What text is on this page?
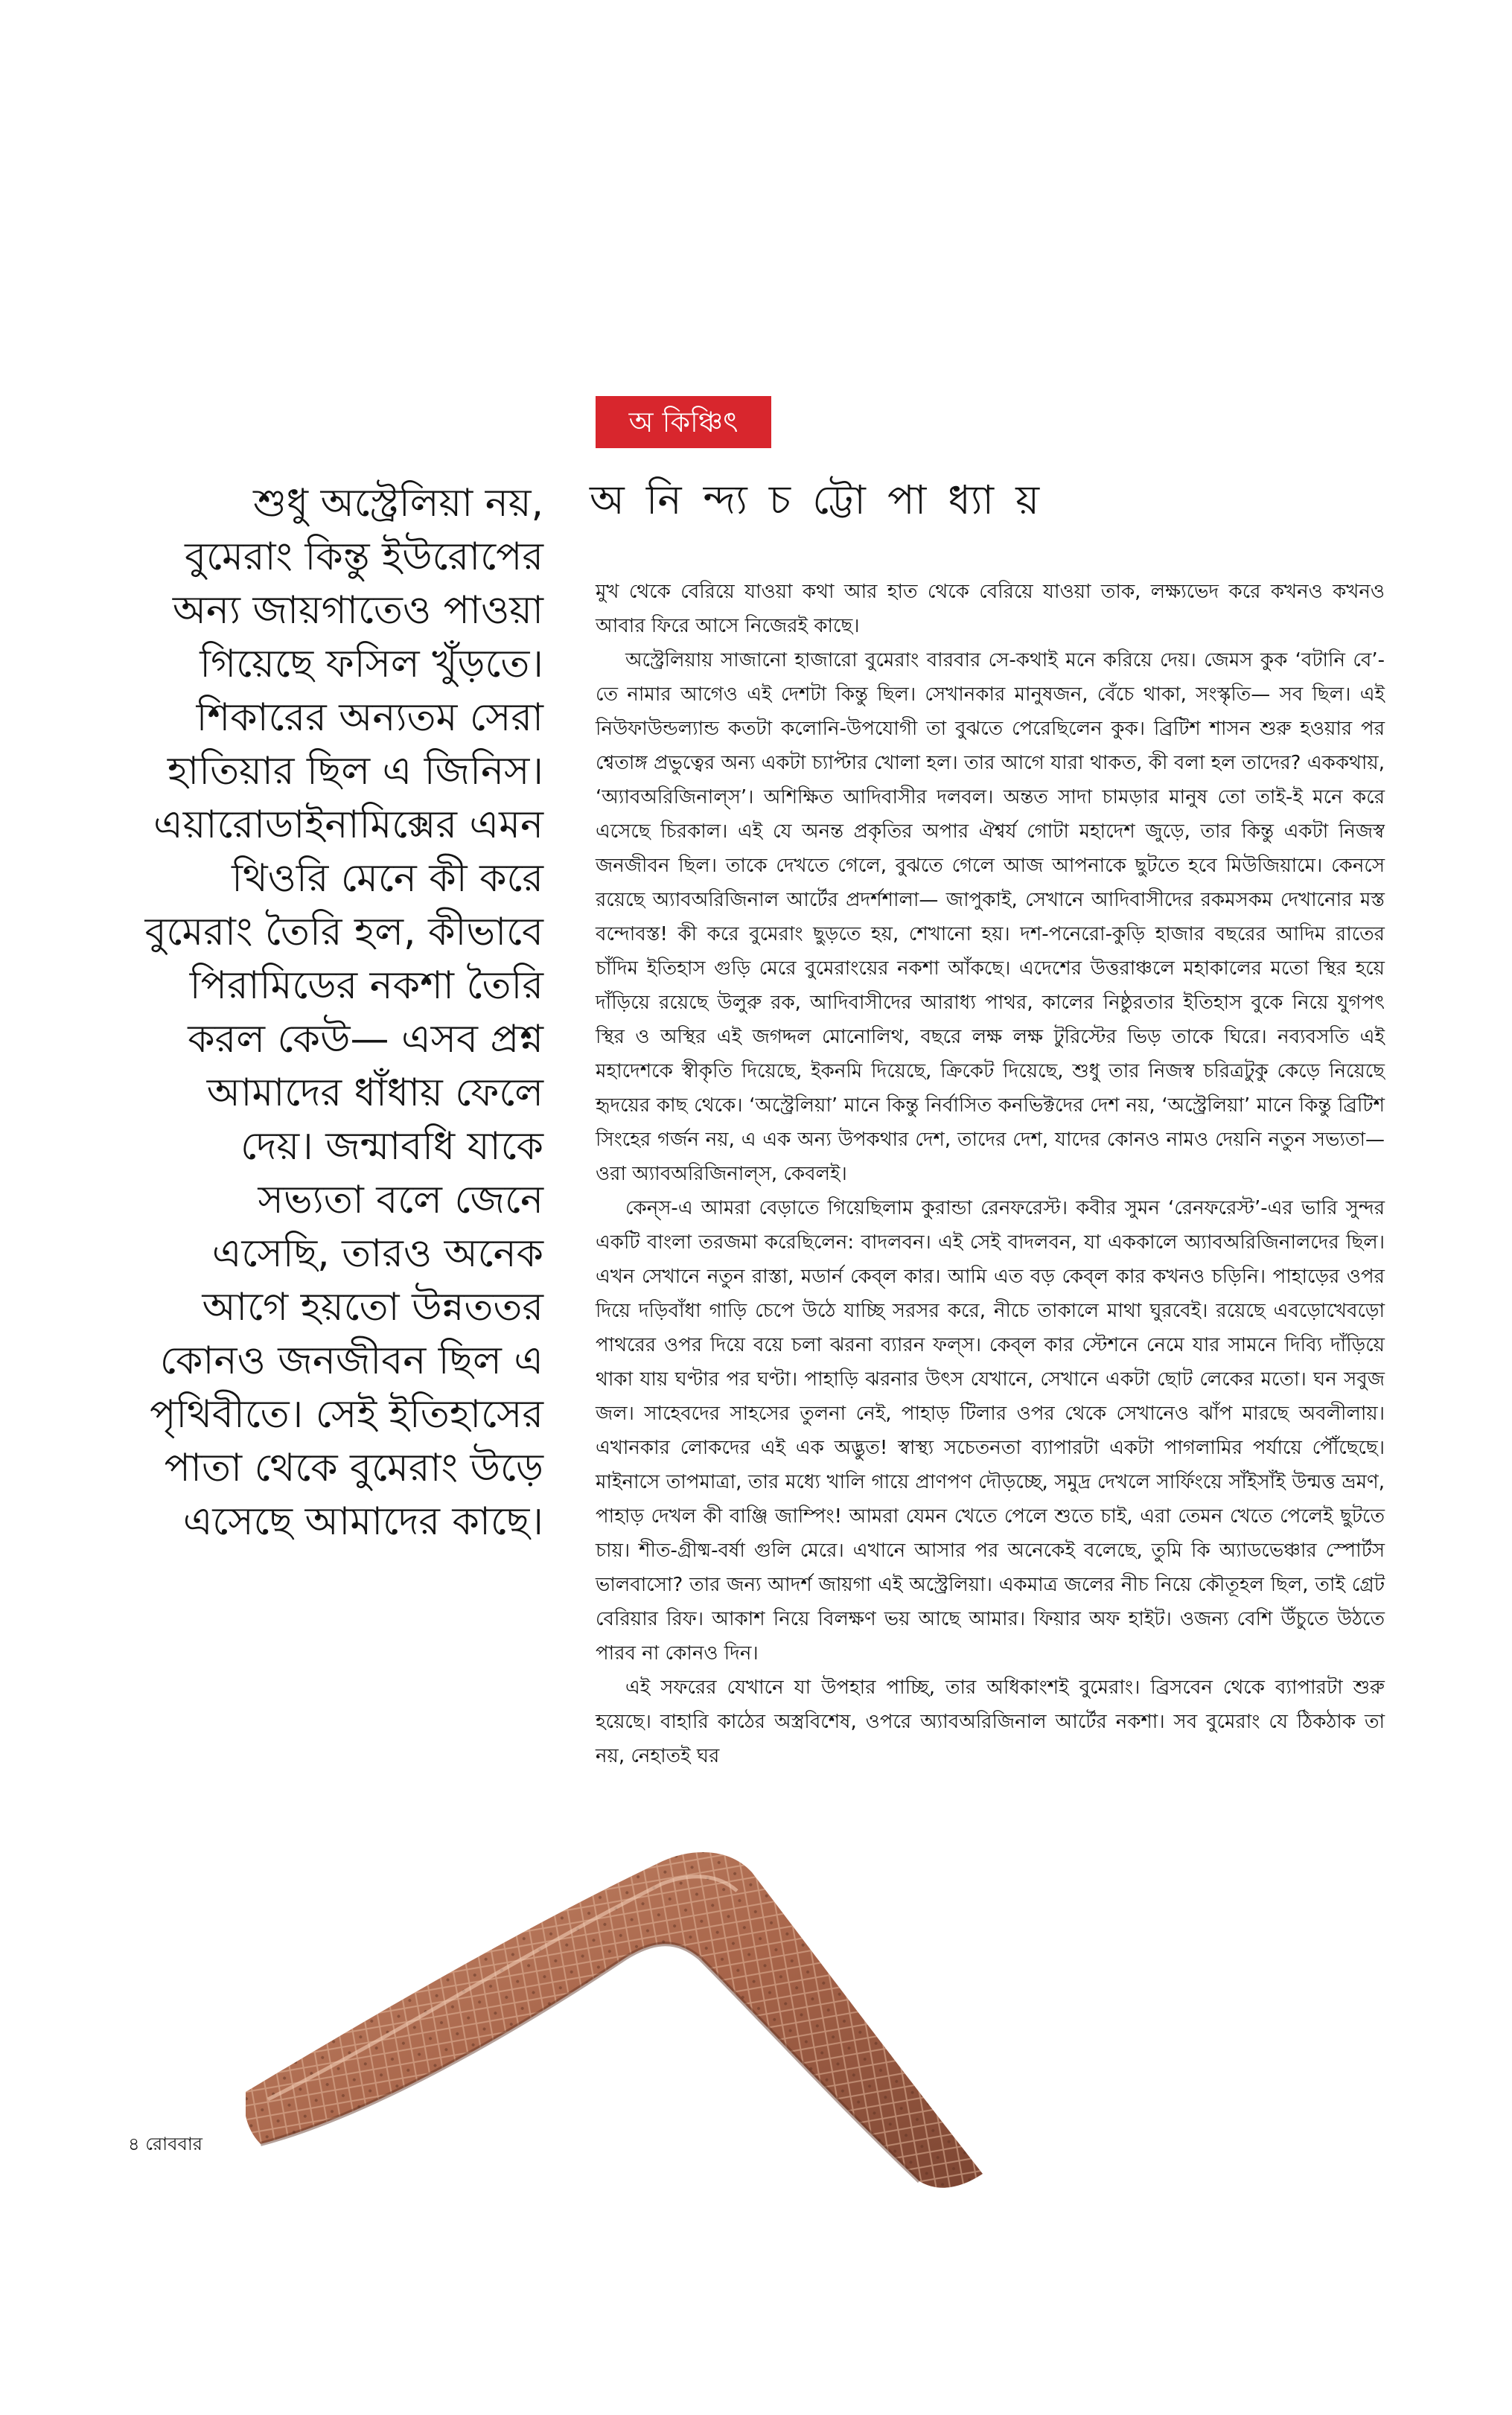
অ কিঞ্চিৎ
অ নি ন্দ্য চ ট্টো পা ধ্যা য়

শুধু অস্ট্রেলিয়া নয়, বুমেরাং কিন্তু ইউরোপের অন্য জায়গাতেও পাওয়া গিয়েছে ফসিল খুঁড়তে। শিকারের অন্যতম সেরা হাতিয়ার ছিল এ জিনিস। এয়ারোডাইনামিক্সের এমন থিওরি মেনে কী করে বুমেরাং তৈরি হল, কীভাবে পিরামিডের নকশা তৈরি করল কেউ— এসব প্রশ্ন আমাদের ধাঁধায় ফেলে দেয়। জন্মাবধি যাকে সভ্যতা বলে জেনে এসেছি, তারও অনেক আগে হয়তো উন্নততর কোনও জনজীবন ছিল এ পৃথিবীতে। সেই ইতিহাসের পাতা থেকে বুমেরাং উড়ে এসেছে আমাদের কাছে।

মুখ থেকে বেরিয়ে যাওয়া কথা আর হাত থেকে বেরিয়ে যাওয়া তাক, লক্ষ্যভেদ করে কখনও কখনও আবার ফিরে আসে নিজেরই কাছে।

অস্ট্রেলিয়ায় সাজানো হাজারো বুমেরাং বারবার সে-কথাই মনে করিয়ে দেয়। জেমস কুক ‘বটানি বে’-তে নামার আগেও এই দেশটা কিন্তু ছিল। সেখানকার মানুষজন, বেঁচে থাকা, সংস্কৃতি— সব ছিল। এই নিউফাউন্ডল্যান্ড কতটা কলোনি-উপযোগী তা বুঝতে পেরেছিলেন কুক। ব্রিটিশ শাসন শুরু হওয়ার পর শ্বেতাঙ্গ প্রভুত্বের অন্য একটা চ্যাপ্টার খোলা হল। তার আগে যারা থাকত, কী বলা হল তাদের? এককথায়, ‘অ্যাবঅরিজিনাল্‌স’। অশিক্ষিত আদিবাসীর দলবল। অন্তত সাদা চামড়ার মানুষ তো তাই-ই মনে করে এসেছে চিরকাল। এই যে অনন্ত প্রকৃতির অপার ঐশ্বর্য গোটা মহাদেশ জুড়ে, তার কিন্তু একটা নিজস্ব জনজীবন ছিল। তাকে দেখতে গেলে, বুঝতে গেলে আজ আপনাকে ছুটতে হবে মিউজিয়ামে। কেনসে রয়েছে অ্যাবঅরিজিনাল আর্টের প্রদর্শশালা— জাপুকাই, সেখানে আদিবাসীদের রকমসকম দেখানোর মস্ত বন্দোবস্ত! কী করে বুমেরাং ছুড়তে হয়, শেখানো হয়। দশ-পনেরো-কুড়ি হাজার বছরের আদিম রাতের চাঁদিম ইতিহাস গুড়ি মেরে বুমেরাংয়ের নকশা আঁকছে। এদেশের উত্তরাঞ্চলে মহাকালের মতো স্থির হয়ে দাঁড়িয়ে রয়েছে উলুরু রক, আদিবাসীদের আরাধ্য পাথর, কালের নিষ্ঠুরতার ইতিহাস বুকে নিয়ে যুগপৎ স্থির ও অস্থির এই জগদ্দল মোনোলিথ, বছরে লক্ষ লক্ষ টুরিস্টের ভিড় তাকে ঘিরে। নব্যবসতি এই মহাদেশকে স্বীকৃতি দিয়েছে, ইকনমি দিয়েছে, ক্রিকেট দিয়েছে, শুধু তার নিজস্ব চরিত্রটুকু কেড়ে নিয়েছে হৃদয়ের কাছ থেকে। ‘অস্ট্রেলিয়া’ মানে কিন্তু নির্বাসিত কনভিক্টদের দেশ নয়, ‘অস্ট্রেলিয়া’ মানে কিন্তু ব্রিটিশ সিংহের গর্জন নয়, এ এক অন্য উপকথার দেশ, তাদের দেশ, যাদের কোনও নামও দেয়নি নতুন সভ্যতা— ওরা অ্যাবঅরিজিনাল্‌স, কেবলই।

কেন্‌স-এ আমরা বেড়াতে গিয়েছিলাম কুরান্ডা রেনফরেস্ট। কবীর সুমন ‘রেনফরেস্ট’-এর ভারি সুন্দর একটি বাংলা তরজমা করেছিলেন: বাদলবন। এই সেই বাদলবন, যা এককালে অ্যাবঅরিজিনালদের ছিল। এখন সেখানে নতুন রাস্তা, মডার্ন কেব্‌ল কার। আমি এত বড় কেব্‌ল কার কখনও চড়িনি। পাহাড়ের ওপর দিয়ে দড়িবাঁধা গাড়ি চেপে উঠে যাচ্ছি সরসর করে, নীচে তাকালে মাথা ঘুরবেই। রয়েছে এবড়োখেবড়ো পাথরের ওপর দিয়ে বয়ে চলা ঝরনা ব্যারন ফল্‌স। কেব্‌ল কার স্টেশনে নেমে যার সামনে দিব্যি দাঁড়িয়ে থাকা যায় ঘণ্টার পর ঘণ্টা। পাহাড়ি ঝরনার উৎস যেখানে, সেখানে একটা ছোট লেকের মতো। ঘন সবুজ জল। সাহেবদের সাহসের তুলনা নেই, পাহাড় টিলার ওপর থেকে সেখানেও ঝাঁপ মারছে অবলীলায়। এখানকার লোকদের এই এক অদ্ভুত! স্বাস্থ্য সচেতনতা ব্যাপারটা একটা পাগলামির পর্যায়ে পৌঁছেছে। মাইনাসে তাপমাত্রা, তার মধ্যে খালি গায়ে প্রাণপণ দৌড়চ্ছে, সমুদ্র দেখলে সার্ফিংয়ে সাঁইসাঁই উন্মত্ত ভ্রমণ, পাহাড় দেখল কী বাঞ্জি জাম্পিং! আমরা যেমন খেতে পেলে শুতে চাই, এরা তেমন খেতে পেলেই ছুটতে চায়। শীত-গ্রীষ্ম-বর্ষা গুলি মেরে। এখানে আসার পর অনেকেই বলেছে, তুমি কি অ্যাডভেঞ্চার স্পোর্টস ভালবাসো? তার জন্য আদর্শ জায়গা এই অস্ট্রেলিয়া। একমাত্র জলের নীচ নিয়ে কৌতূহল ছিল, তাই গ্রেট বেরিয়ার রিফ। আকাশ নিয়ে বিলক্ষণ ভয় আছে আমার। ফিয়ার অফ হাইট। ওজন্য বেশি উঁচুতে উঠতে পারব না কোনও দিন।

এই সফরের যেখানে যা উপহার পাচ্ছি, তার অধিকাংশই বুমেরাং। ব্রিসবেন থেকে ব্যাপারটা শুরু হয়েছে। বাহারি কাঠের অস্ত্রবিশেষ, ওপরে অ্যাবঅরিজিনাল আর্টের নকশা। সব বুমেরাং যে ঠিকঠাক তা নয়, নেহাতই ঘর

৪ রোববার
